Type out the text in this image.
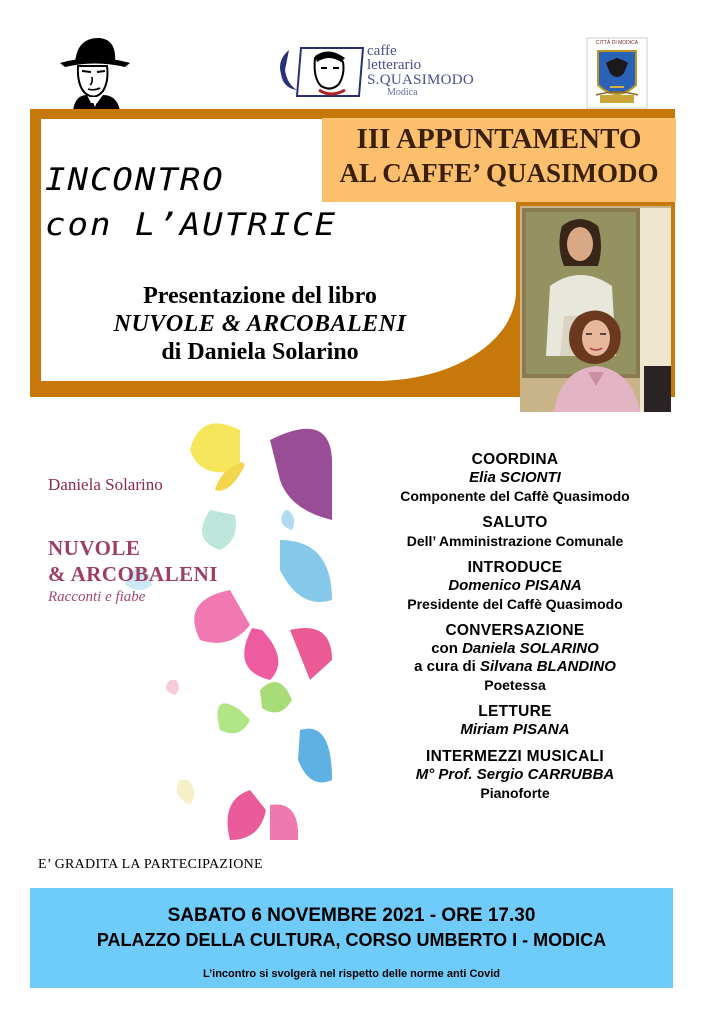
caffe
letterario
S.QUASIMODO
Modica
CITTÀ DI MODICA
INCONTRO
con L’AUTRICE
Presentazione del libro
NUVOLE & ARCOBALENI
di Daniela Solarino
III APPUNTAMENTO
AL CAFFE’ QUASIMODO
Daniela Solarino
NUVOLE
& ARCOBALENI
Racconti e fiabe
E’ GRADITA LA PARTECIPAZIONE
COORDINA
Elia SCIONTI
Componente del Caffè Quasimodo
SALUTO
Dell’ Amministrazione Comunale
INTRODUCE
Domenico PISANA
Presidente del Caffè Quasimodo
CONVERSAZIONE
con Daniela SOLARINO
a cura di Silvana BLANDINO
Poetessa
LETTURE
Miriam PISANA
INTERMEZZI MUSICALI
M° Prof. Sergio CARRUBBA
Pianoforte
SABATO 6 NOVEMBRE 2021 - ORE 17.30
PALAZZO DELLA CULTURA, CORSO UMBERTO I - MODICA
L’incontro si svolgerà nel rispetto delle norme anti Covid
